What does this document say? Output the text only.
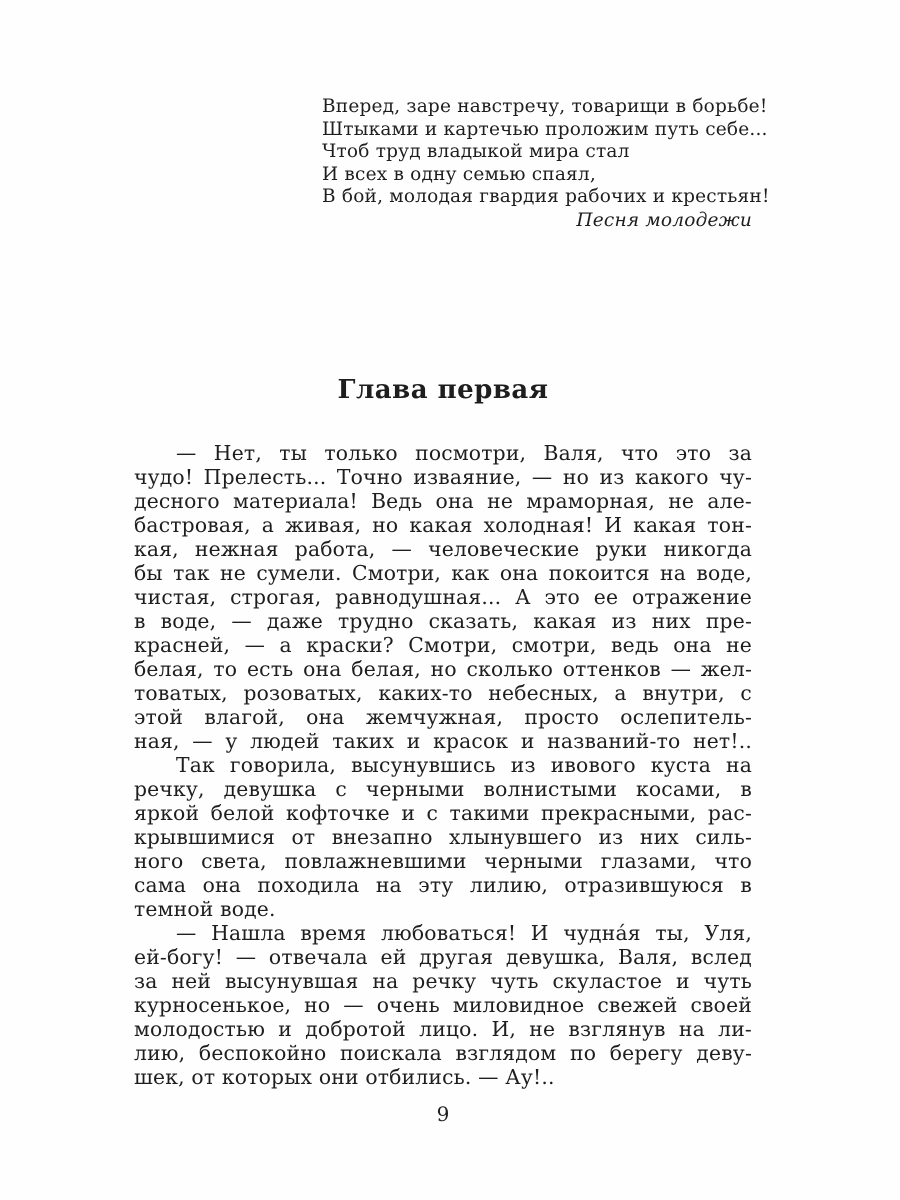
Вперед, заре навстречу, товарищи в борьбе!
Штыками и картечью проложим путь себе...
Чтоб труд владыкой мира стал
И всех в одну семью спаял,
В бой, молодая гвардия рабочих и крестьян!
Песня молодежи
Глава первая
— Нет, ты только посмотри, Валя, что это за
чудо! Прелесть... Точно изваяние, — но из какого чу-
десного материала! Ведь она не мраморная, не але-
бастровая, а живая, но какая холодная! И какая тон-
кая, нежная работа, — человеческие руки никогда
бы так не сумели. Смотри, как она покоится на воде,
чистая, строгая, равнодушная... А это ее отражение
в воде, — даже трудно сказать, какая из них пре-
красней, — а краски? Смотри, смотри, ведь она не
белая, то есть она белая, но сколько оттенков — жел-
товатых, розоватых, каких-то небесных, а внутри, с
этой влагой, она жемчужная, просто ослепитель-
ная, — у людей таких и красок и названий-то нет!..
Так говорила, высунувшись из ивового куста на
речку, девушка с черными волнистыми косами, в
яркой белой кофточке и с такими прекрасными, рас-
крывшимися от внезапно хлынувшего из них силь-
ного света, повлажневшими черными глазами, что
сама она походила на эту лилию, отразившуюся в
темной воде.
— Нашла время любоваться! И чудна́я ты, Уля,
ей-богу! — отвечала ей другая девушка, Валя, вслед
за ней высунувшая на речку чуть скуластое и чуть
курносенькое, но — очень миловидное свежей своей
молодостью и добротой лицо. И, не взглянув на ли-
лию, беспокойно поискала взглядом по берегу деву-
шек, от которых они отбились. — Ау!..
9
